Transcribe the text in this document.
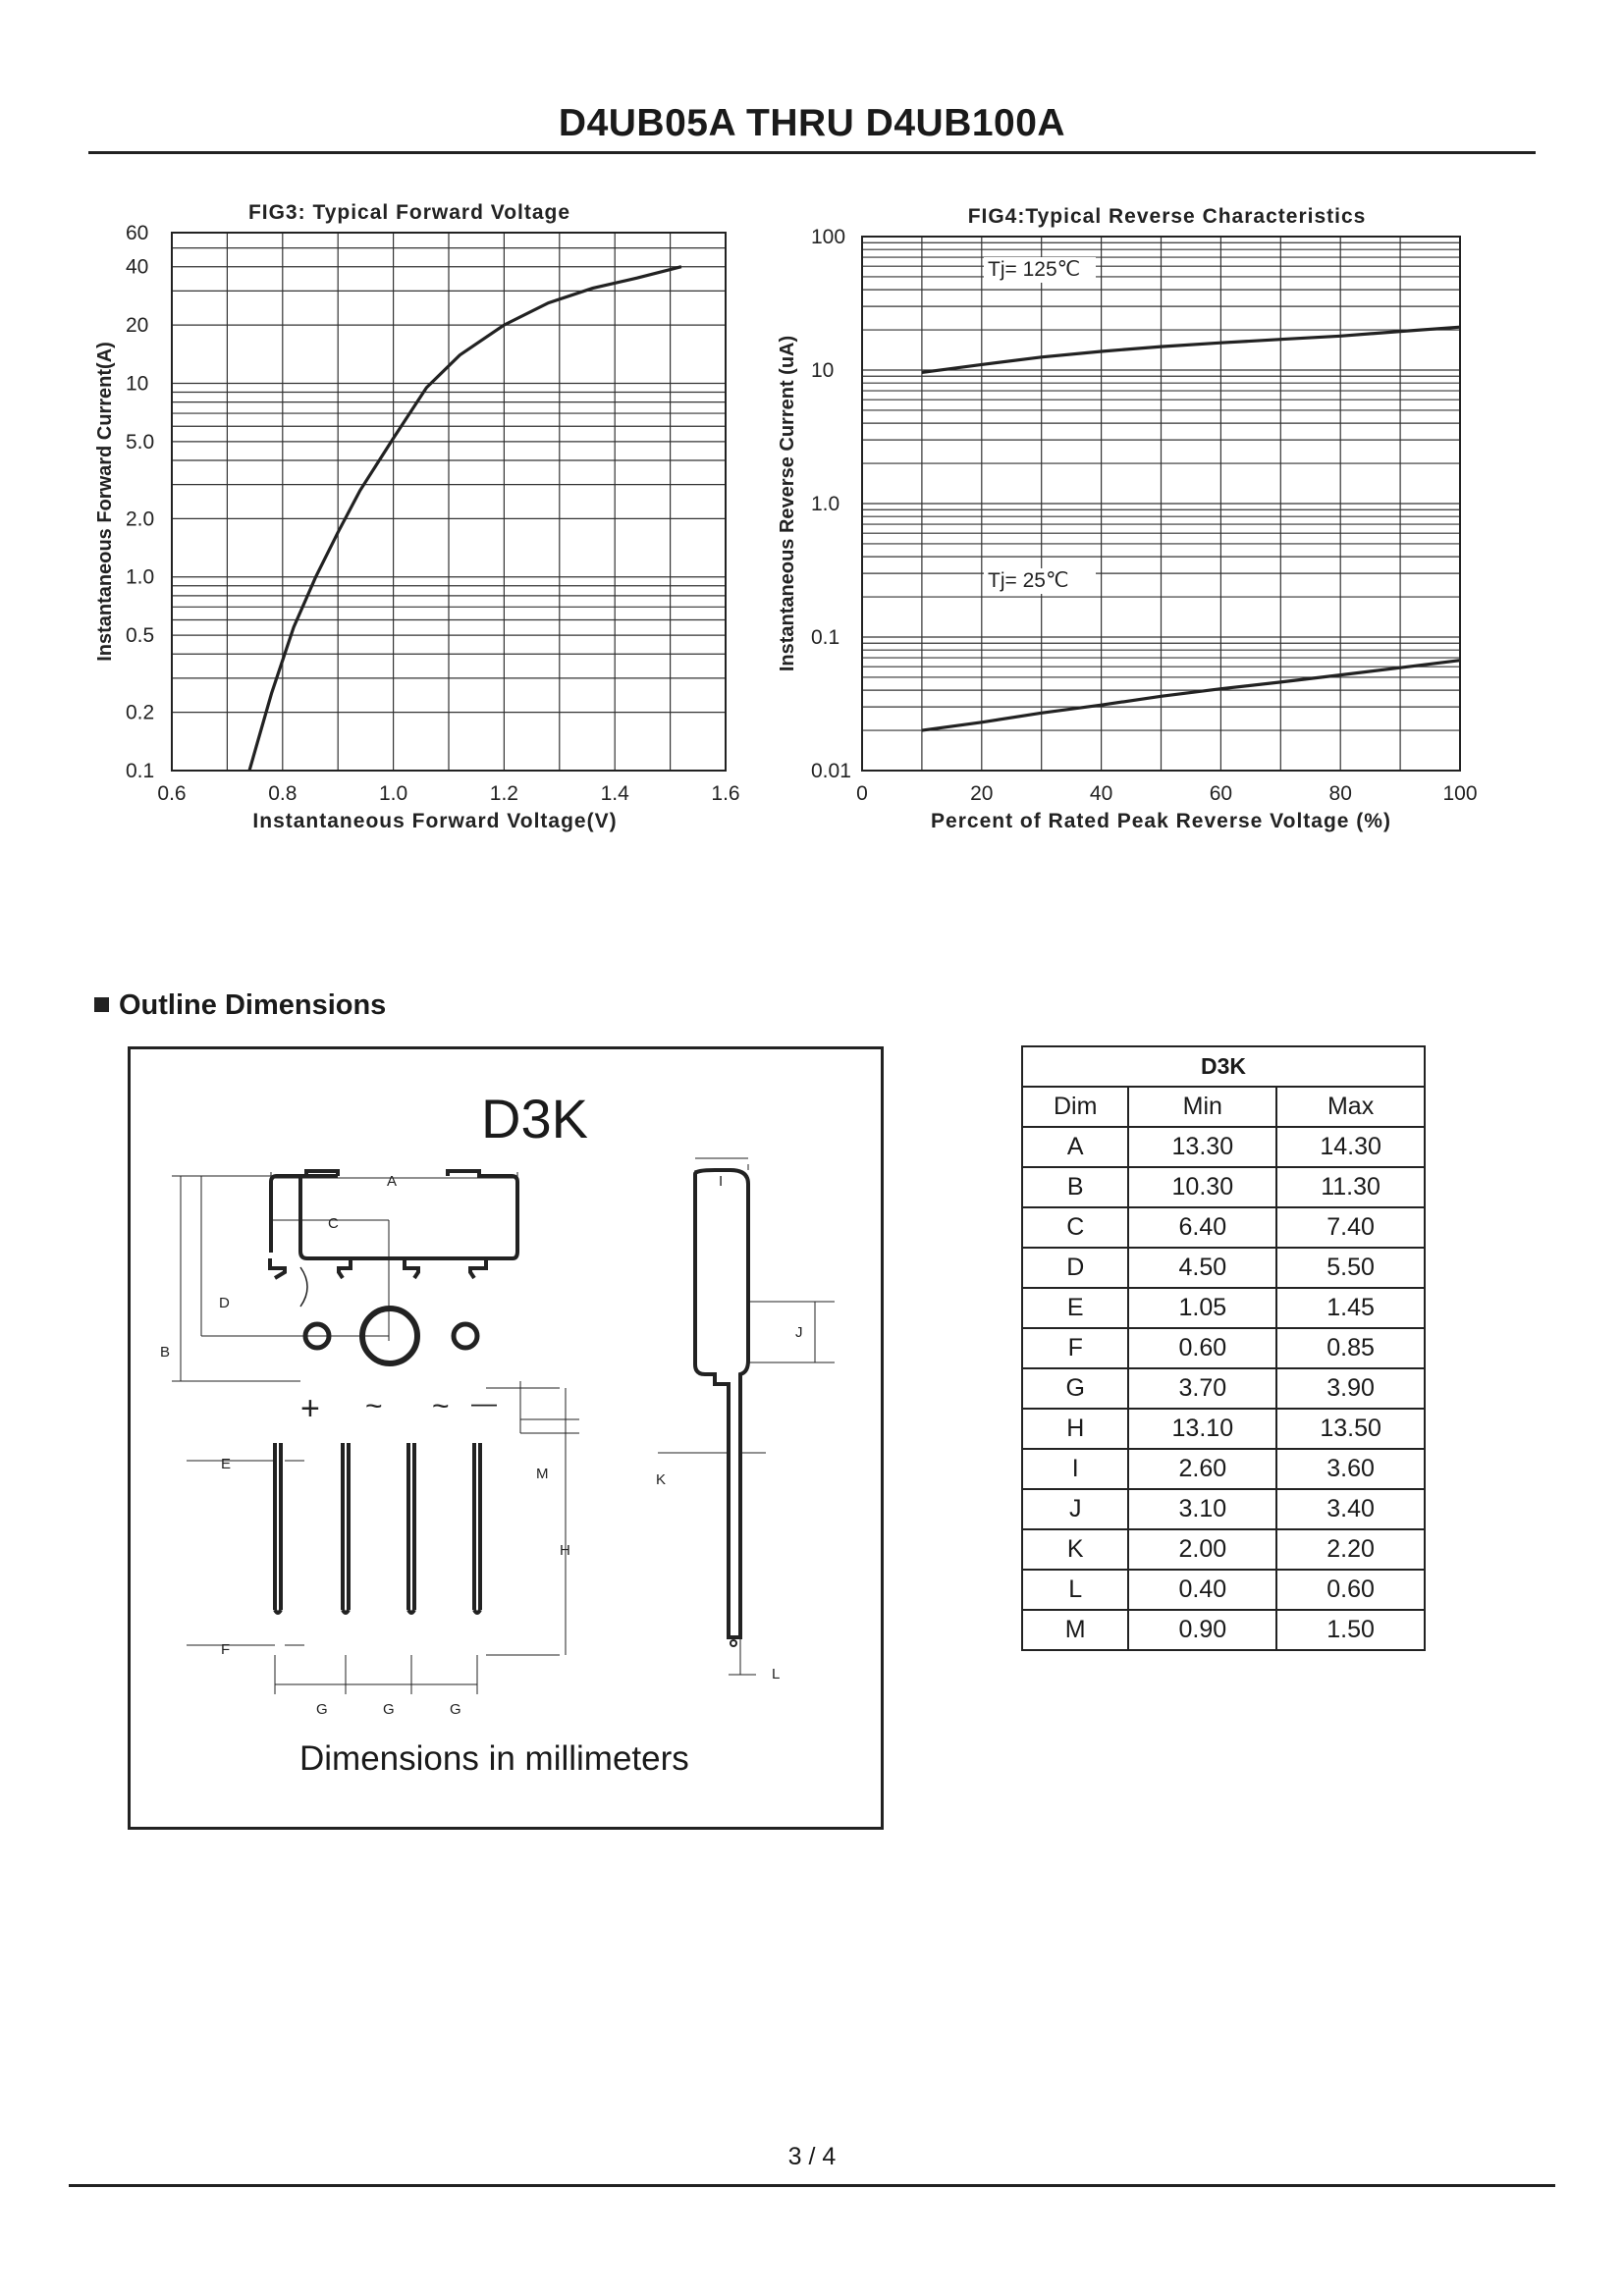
D4UB05A THRU D4UB100A
0.6	0.8	1.0	1.2	1.4	1.6
0.1
0.2
0.5
1.0
2.0
5.0
10
20
40
60
FIG3: Typical Forward Voltage
Instantaneous Forward Voltage(V)
Instantaneous Forward Current(A)
Tj= 125℃
Tj= 25℃
0	20	40	60	80	100
0.01
0.1
1.0
10
100
FIG4:Typical Reverse Characteristics
Percent of Rated Peak Reverse Voltage (%)
Instantaneous Reverse Current (uA)
Outline Dimensions
D3K
+ ~ ~ —
A
B
C
D
E
F
G	G	G
H
I
J
K
L
M
Dimensions in millimeters
D3K		
Dim	Min	Max
A	13.30	14.30
B	10.30	11.30
C	6.40	7.40
D	4.50	5.50
E	1.05	1.45
F	0.60	0.85
G	3.70	3.90
H	13.10	13.50
I	2.60	3.60
J	3.10	3.40
K	2.00	2.20
L	0.40	0.60
M	0.90	1.50
3 / 4
